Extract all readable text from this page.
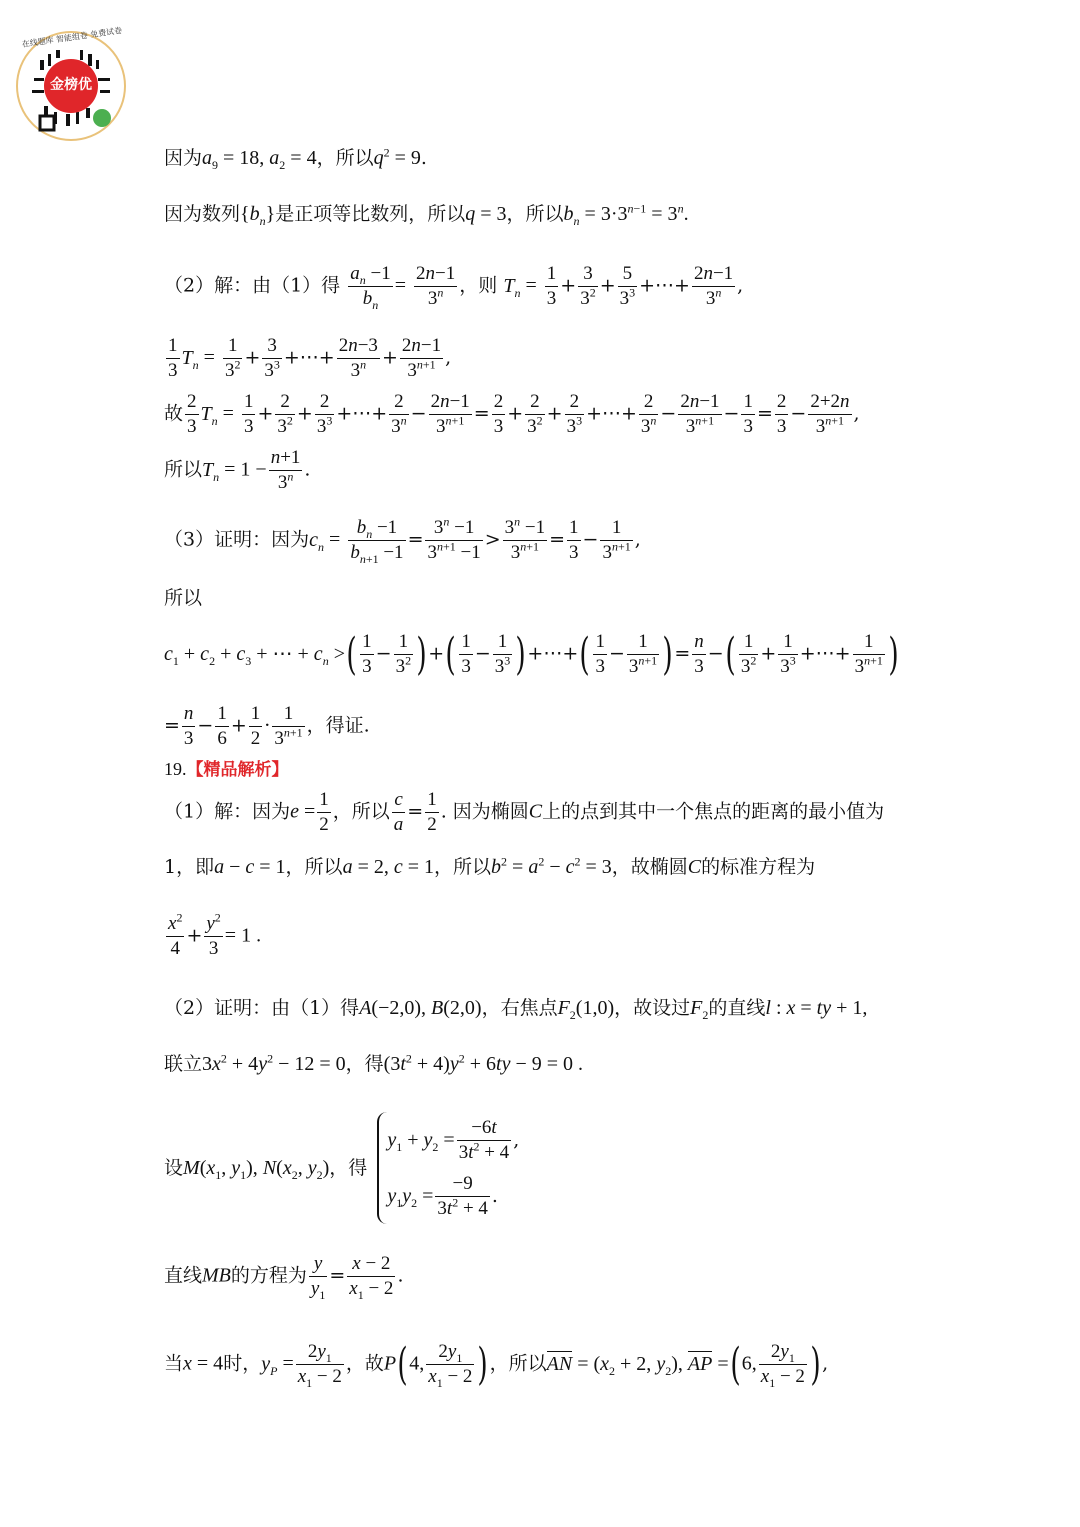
金榜优
在线题库 智能组卷 免费试卷
因为$a_9 = 18$, $a_2 = 4$，所以$q^2 = 9$.
因为数列$\{b_n\}$是正项等比数列，所以q = 3，所以$b_n = 3\cdot 3^{n-1} = 3^n$.
（2）解：由（1）得 $\frac{a_n -1}{b_n} = \frac{2n-1}{3^n}$ ，则 $T_n = \frac{1}{3} + \frac{3}{3^2} + \frac{5}{3^3}$ +⋯+ $\frac{2n-1}{3^n}$ ,
$\frac{1}{3} T_n = \frac{1}{3^2} + \frac{3}{3^3}$ +⋯+ $\frac{2n-3}{3^n} + \frac{2n-1}{3^{n+1}}$ ,
故 $\frac{2}{3} T_n = \frac{1}{3} + \frac{2}{3^2} + \frac{2}{3^3}$ +⋯+ $\frac{2}{3^n} - \frac{2n-1}{3^{n+1}} = \frac{2}{3} + \frac{2}{3^2} + \frac{2}{3^3}$ +⋯+ $\frac{2}{3^n} - \frac{2n-1}{3^{n+1}} - \frac{1}{3} = \frac{2}{3} - \frac{2+2n}{3^{n+1}}$ ,
所以$T_n = 1 - \frac{n+1}{3^n}$ .
（3）证明：因为$c_n = \frac{b_n -1}{b_{n+1} -1} = \frac{3^n -1}{3^{n+1} -1} > \frac{3^n -1}{3^{n+1}} = \frac{1}{3} - \frac{1}{3^{n+1}}$ ,
所以
$c_1 + c_2 + c_3$ + ⋯ + $c_n$ >( $\frac{1}{3} - \frac{1}{3^2}$ )+( $\frac{1}{3} - \frac{1}{3^3}$ )+⋯+( $\frac{1}{3} - \frac{1}{3^{n+1}}$ )= $\frac{n}{3}$ −( $\frac{1}{3^2} + \frac{1}{3^3}$ +⋯+ $\frac{1}{3^{n+1}}$ )
= $\frac{n}{3} - \frac{1}{6} + \frac{1}{2} \cdot \frac{1}{3^{n+1}}$ ，得证.
19.【精品解析】
（1）解：因为$e = \frac{1}{2}$ ，所以 $\frac{c}{a} = \frac{1}{2}$ . 因为椭圆C上的点到其中一个焦点的距离的最小值为
1，即a − c = 1，所以a = 2, c = 1，所以$b^2 = a^2 - c^2 = 3$，故椭圆C的标准方程为
$\frac{x^2}{4} + \frac{y^2}{3} = 1$ .
（2）证明：由（1）得A(−2,0), B(2,0)，右焦点$F_2(1,0)$，故设过$F_2$的直线l : x = ty + 1,
联立$3x^2 + 4y^2 - 12 = 0$，得$(3t^2 + 4)y^2 + 6ty - 9 = 0$ .
设$M(x_1$, $y_1$), $N(x_2$, $y_2$)，得
$y_1 + y_2 = \frac{-6t}{3t^2 + 4}$ ,
$y_1y_2 = \frac{-9}{3t^2 + 4}$ .
直线MB的方程为 $\frac{y}{y_1} = \frac{x - 2}{x_1 - 2}$ .
当x = 4时，$y_P = \frac{2y_1}{x_1 - 2}$ ，故P(4, $\frac{2y_1}{x_1 - 2}$ )，所以AN = ($x_2 + 2$, $y_2$), AP =(6, $\frac{2y_1}{x_1 - 2}$ ),
